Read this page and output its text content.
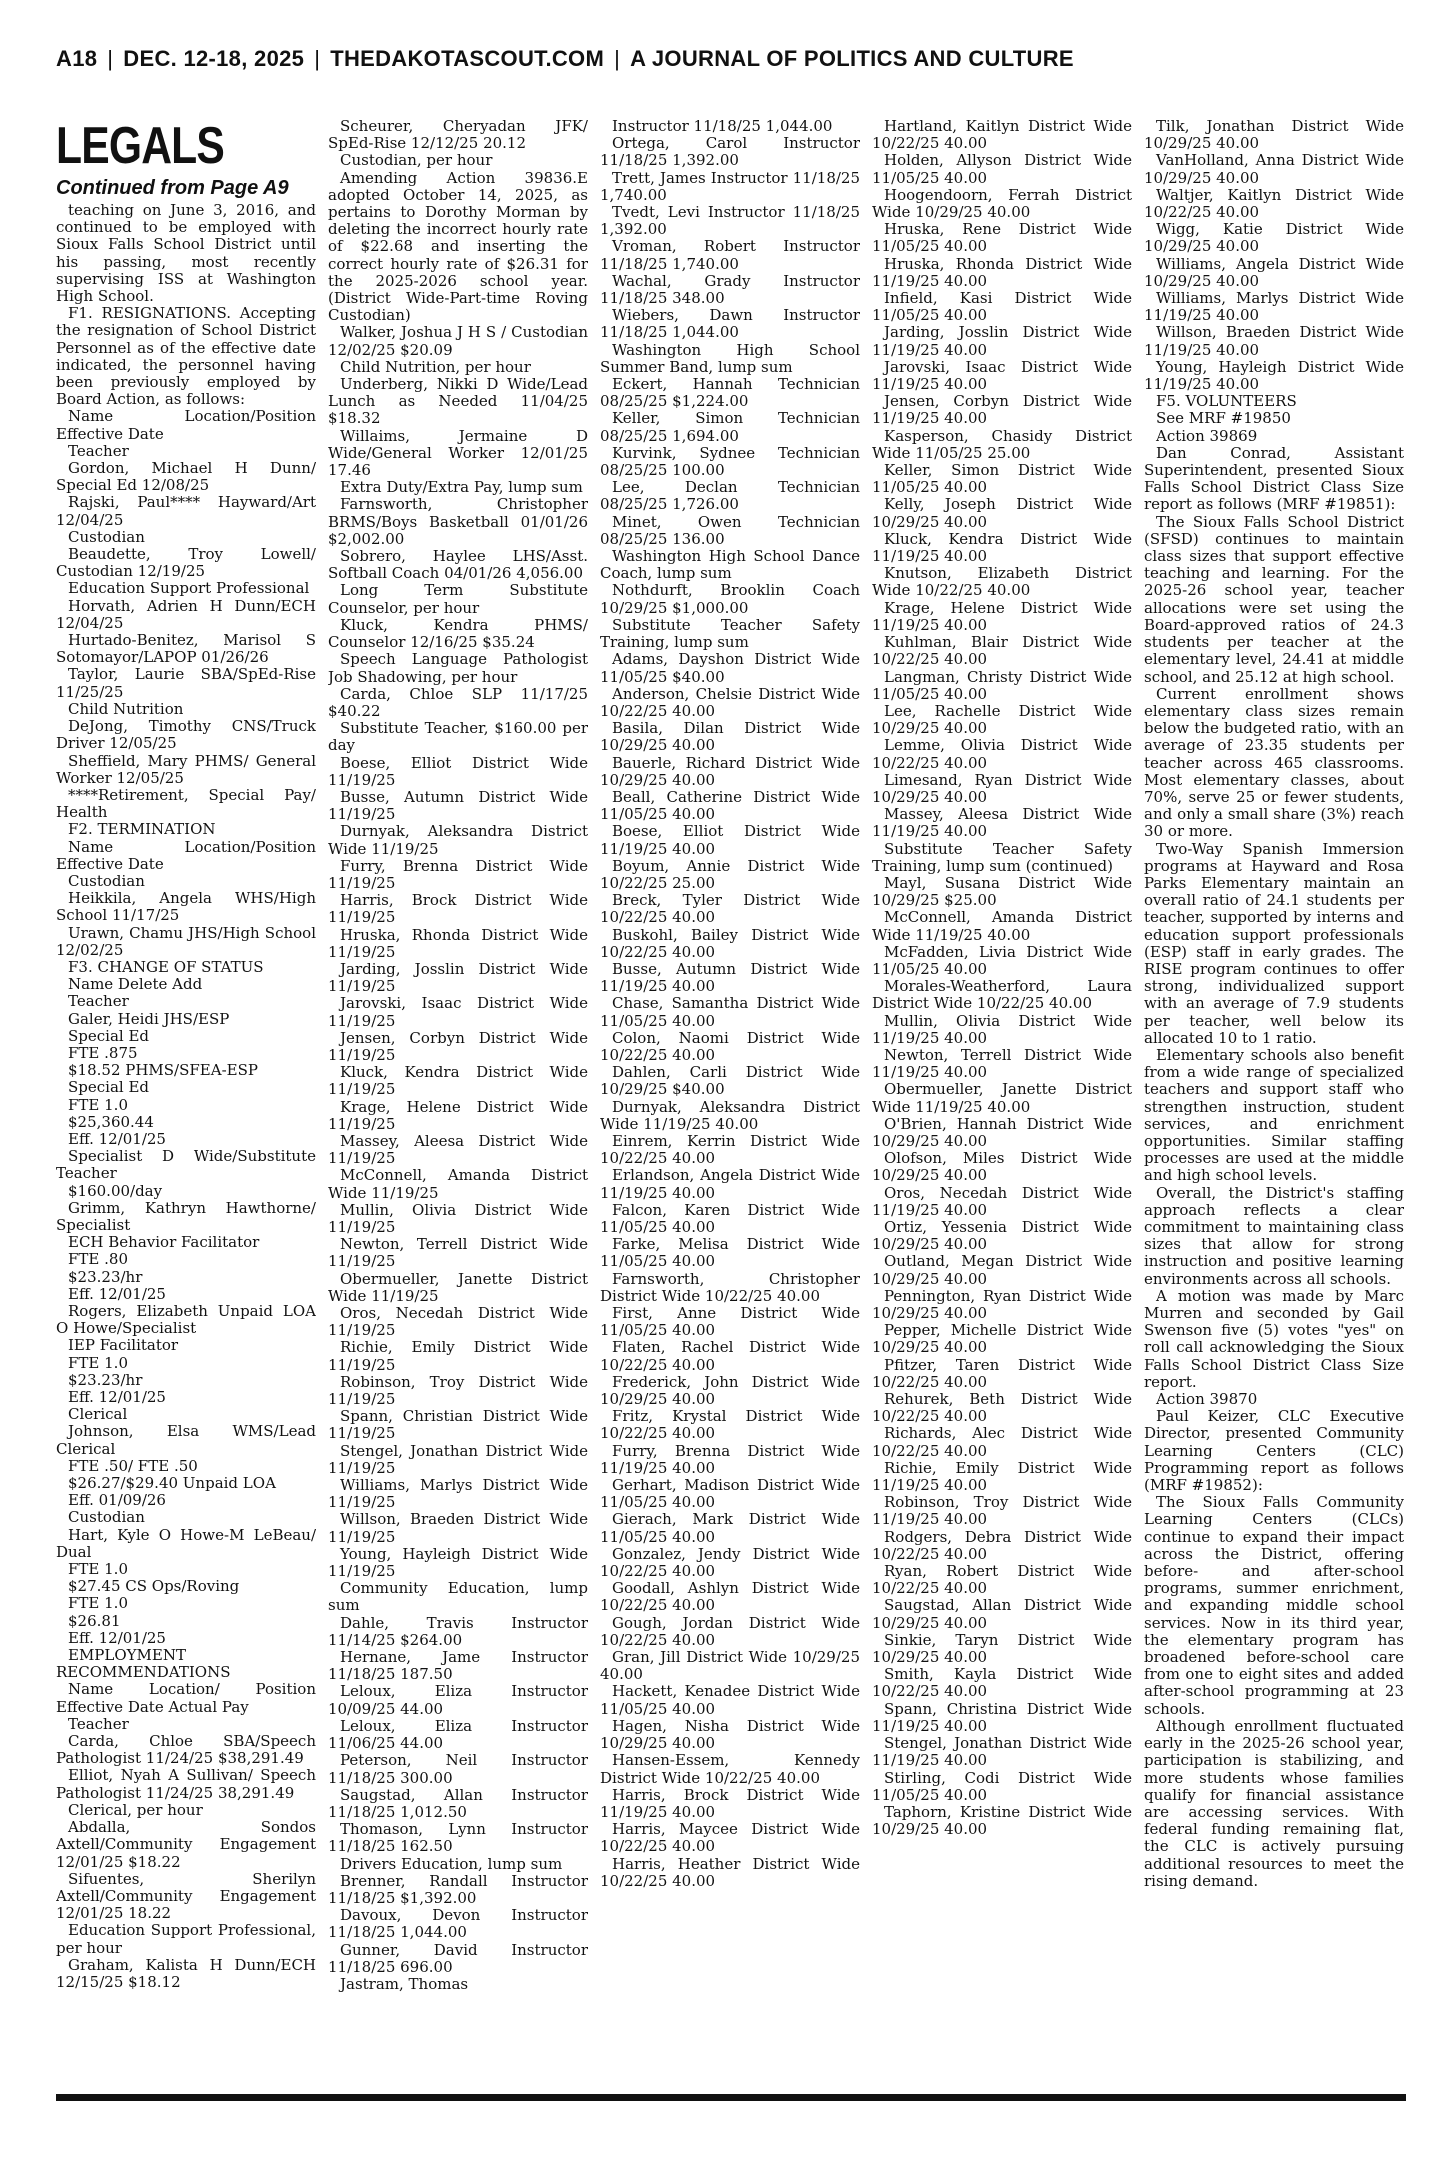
A18 | DEC. 12-18, 2025 | THEDAKOTASCOUT.COM | A JOURNAL OF POLITICS AND CULTURE
LEGALS
Continued from Page A9

teaching on June 3, 2016, and continued to be employed with Sioux Falls School District until his passing, most recently supervising ISS at Washington High School.

F1. RESIGNATIONS. Accepting the resignation of School District Personnel as of the effective date indicated, the personnel having been previously employed by Board Action, as follows:

Name Location/Position Effective Date

Teacher

Gordon, Michael H Dunn/ Special Ed 12/08/25

Rajski, Paul**** Hayward/Art 12/04/25

Custodian

Beaudette, Troy Lowell/ Custodian 12/19/25

Education Support Professional

Horvath, Adrien H Dunn/ECH 12/04/25

Hurtado-Benitez, Marisol S Sotomayor/LAPOP 01/26/26

Taylor, Laurie SBA/SpEd-Rise 11/25/25

Child Nutrition

DeJong, Timothy CNS/Truck Driver 12/05/25

Sheffield, Mary PHMS/ General Worker 12/05/25

****Retirement, Special Pay/ Health

F2. TERMINATION

Name Location/Position Effective Date

Custodian

Heikkila, Angela WHS/High School 11/17/25

Urawn, Chamu JHS/High School 12/02/25

F3. CHANGE OF STATUS

Name Delete Add

Teacher

Galer, Heidi JHS/ESP

Special Ed

FTE .875

$18.52 PHMS/SFEA-ESP

Special Ed

FTE 1.0

$25,360.44

Eff. 12/01/25

Specialist D Wide/Substitute Teacher

$160.00/day

Grimm, Kathryn Hawthorne/ Specialist

ECH Behavior Facilitator

FTE .80

$23.23/hr

Eff. 12/01/25

Rogers, Elizabeth Unpaid LOA O Howe/Specialist

IEP Facilitator

FTE 1.0

$23.23/hr

Eff. 12/01/25

Clerical

Johnson, Elsa WMS/Lead Clerical

FTE .50/ FTE .50

$26.27/$29.40 Unpaid LOA

Eff. 01/09/26

Custodian

Hart, Kyle O Howe-M LeBeau/ Dual

FTE 1.0

$27.45 CS Ops/Roving

FTE 1.0

$26.81

Eff. 12/01/25

EMPLOYMENT RECOMMENDATIONS

Name Location/ Position Effective Date Actual Pay

Teacher

Carda, Chloe SBA/Speech Pathologist 11/24/25 $38,291.49

Elliot, Nyah A Sullivan/ Speech Pathologist 11/24/25 38,291.49

Clerical, per hour

Abdalla, Sondos Axtell/Community Engagement 12/01/25 $18.22

Sifuentes, Sherilyn Axtell/Community Engagement 12/01/25 18.22

Education Support Professional, per hour

Graham, Kalista H Dunn/ECH 12/15/25 $18.12

Scheurer, Cheryadan JFK/ SpEd-Rise 12/12/25 20.12

Custodian, per hour

Amending Action 39836.E adopted October 14, 2025, as pertains to Dorothy Morman by deleting the incorrect hourly rate of $22.68 and inserting the correct hourly rate of $26.31 for the 2025-2026 school year. (District Wide-Part-time Roving Custodian)

Walker, Joshua J H S / Custodian 12/02/25 $20.09

Child Nutrition, per hour

Underberg, Nikki D Wide/Lead Lunch as Needed 11/04/25 $18.32

Willaims, Jermaine D Wide/General Worker 12/01/25 17.46

Extra Duty/Extra Pay, lump sum

Farnsworth, Christopher BRMS/Boys Basketball 01/01/26 $2,002.00

Sobrero, Haylee LHS/Asst. Softball Coach 04/01/26 4,056.00

Long Term Substitute Counselor, per hour

Kluck, Kendra PHMS/ Counselor 12/16/25 $35.24

Speech Language Pathologist Job Shadowing, per hour

Carda, Chloe SLP 11/17/25 $40.22

Substitute Teacher, $160.00 per day

Boese, Elliot District Wide 11/19/25

Busse, Autumn District Wide 11/19/25

Durnyak, Aleksandra District Wide 11/19/25

Furry, Brenna District Wide 11/19/25

Harris, Brock District Wide 11/19/25

Hruska, Rhonda District Wide 11/19/25

Jarding, Josslin District Wide 11/19/25

Jarovski, Isaac District Wide 11/19/25

Jensen, Corbyn District Wide 11/19/25

Kluck, Kendra District Wide 11/19/25

Krage, Helene District Wide 11/19/25

Massey, Aleesa District Wide 11/19/25

McConnell, Amanda District Wide 11/19/25

Mullin, Olivia District Wide 11/19/25

Newton, Terrell District Wide 11/19/25

Obermueller, Janette District Wide 11/19/25

Oros, Necedah District Wide 11/19/25

Richie, Emily District Wide 11/19/25

Robinson, Troy District Wide 11/19/25

Spann, Christian District Wide 11/19/25

Stengel, Jonathan District Wide 11/19/25

Williams, Marlys District Wide 11/19/25

Willson, Braeden District Wide 11/19/25

Young, Hayleigh District Wide 11/19/25

Community Education, lump sum

Dahle, Travis Instructor 11/14/25 $264.00

Hernane, Jame Instructor 11/18/25 187.50

Leloux, Eliza Instructor 10/09/25 44.00

Leloux, Eliza Instructor 11/06/25 44.00

Peterson, Neil Instructor 11/18/25 300.00

Saugstad, Allan Instructor 11/18/25 1,012.50

Thomason, Lynn Instructor 11/18/25 162.50

Drivers Education, lump sum

Brenner, Randall Instructor 11/18/25 $1,392.00

Davoux, Devon Instructor 11/18/25 1,044.00

Gunner, David Instructor 11/18/25 696.00

Jastram, Thomas

Instructor 11/18/25 1,044.00

Ortega, Carol Instructor 11/18/25 1,392.00

Trett, James Instructor 11/18/25 1,740.00

Tvedt, Levi Instructor 11/18/25 1,392.00

Vroman, Robert Instructor 11/18/25 1,740.00

Wachal, Grady Instructor 11/18/25 348.00

Wiebers, Dawn Instructor 11/18/25 1,044.00

Washington High School Summer Band, lump sum

Eckert, Hannah Technician 08/25/25 $1,224.00

Keller, Simon Technician 08/25/25 1,694.00

Kurvink, Sydnee Technician 08/25/25 100.00

Lee, Declan Technician 08/25/25 1,726.00

Minet, Owen Technician 08/25/25 136.00

Washington High School Dance Coach, lump sum

Nothdurft, Brooklin Coach 10/29/25 $1,000.00

Substitute Teacher Safety Training, lump sum

Adams, Dayshon District Wide 11/05/25 $40.00

Anderson, Chelsie District Wide 10/22/25 40.00

Basila, Dilan District Wide 10/29/25 40.00

Bauerle, Richard District Wide 10/29/25 40.00

Beall, Catherine District Wide 11/05/25 40.00

Boese, Elliot District Wide 11/19/25 40.00

Boyum, Annie District Wide 10/22/25 25.00

Breck, Tyler District Wide 10/22/25 40.00

Buskohl, Bailey District Wide 10/22/25 40.00

Busse, Autumn District Wide 11/19/25 40.00

Chase, Samantha District Wide 11/05/25 40.00

Colon, Naomi District Wide 10/22/25 40.00

Dahlen, Carli District Wide 10/29/25 $40.00

Durnyak, Aleksandra District Wide 11/19/25 40.00

Einrem, Kerrin District Wide 10/22/25 40.00

Erlandson, Angela District Wide 11/19/25 40.00

Falcon, Karen District Wide 11/05/25 40.00

Farke, Melisa District Wide 11/05/25 40.00

Farnsworth, Christopher District Wide 10/22/25 40.00

First, Anne District Wide 11/05/25 40.00

Flaten, Rachel District Wide 10/22/25 40.00

Frederick, John District Wide 10/29/25 40.00

Fritz, Krystal District Wide 10/22/25 40.00

Furry, Brenna District Wide 11/19/25 40.00

Gerhart, Madison District Wide 11/05/25 40.00

Gierach, Mark District Wide 11/05/25 40.00

Gonzalez, Jendy District Wide 10/22/25 40.00

Goodall, Ashlyn District Wide 10/22/25 40.00

Gough, Jordan District Wide 10/22/25 40.00

Gran, Jill District Wide 10/29/25 40.00

Hackett, Kenadee District Wide 11/05/25 40.00

Hagen, Nisha District Wide 10/29/25 40.00

Hansen-Essem, Kennedy District Wide 10/22/25 40.00

Harris, Brock District Wide 11/19/25 40.00

Harris, Maycee District Wide 10/22/25 40.00

Harris, Heather District Wide 10/22/25 40.00

Hartland, Kaitlyn District Wide 10/22/25 40.00

Holden, Allyson District Wide 11/05/25 40.00

Hoogendoorn, Ferrah District Wide 10/29/25 40.00

Hruska, Rene District Wide 11/05/25 40.00

Hruska, Rhonda District Wide 11/19/25 40.00

Infield, Kasi District Wide 11/05/25 40.00

Jarding, Josslin District Wide 11/19/25 40.00

Jarovski, Isaac District Wide 11/19/25 40.00

Jensen, Corbyn District Wide 11/19/25 40.00

Kasperson, Chasidy District Wide 11/05/25 25.00

Keller, Simon District Wide 11/05/25 40.00

Kelly, Joseph District Wide 10/29/25 40.00

Kluck, Kendra District Wide 11/19/25 40.00

Knutson, Elizabeth District Wide 10/22/25 40.00

Krage, Helene District Wide 11/19/25 40.00

Kuhlman, Blair District Wide 10/22/25 40.00

Langman, Christy District Wide 11/05/25 40.00

Lee, Rachelle District Wide 10/29/25 40.00

Lemme, Olivia District Wide 10/22/25 40.00

Limesand, Ryan District Wide 10/29/25 40.00

Massey, Aleesa District Wide 11/19/25 40.00

Substitute Teacher Safety Training, lump sum (continued)

Mayl, Susana District Wide 10/29/25 $25.00

McConnell, Amanda District Wide 11/19/25 40.00

McFadden, Livia District Wide 11/05/25 40.00

Morales-Weatherford, Laura District Wide 10/22/25 40.00

Mullin, Olivia District Wide 11/19/25 40.00

Newton, Terrell District Wide 11/19/25 40.00

Obermueller, Janette District Wide 11/19/25 40.00

O'Brien, Hannah District Wide 10/29/25 40.00

Olofson, Miles District Wide 10/29/25 40.00

Oros, Necedah District Wide 11/19/25 40.00

Ortiz, Yessenia District Wide 10/29/25 40.00

Outland, Megan District Wide 10/29/25 40.00

Pennington, Ryan District Wide 10/29/25 40.00

Pepper, Michelle District Wide 10/29/25 40.00

Pfitzer, Taren District Wide 10/22/25 40.00

Rehurek, Beth District Wide 10/22/25 40.00

Richards, Alec District Wide 10/22/25 40.00

Richie, Emily District Wide 11/19/25 40.00

Robinson, Troy District Wide 11/19/25 40.00

Rodgers, Debra District Wide 10/22/25 40.00

Ryan, Robert District Wide 10/22/25 40.00

Saugstad, Allan District Wide 10/29/25 40.00

Sinkie, Taryn District Wide 10/29/25 40.00

Smith, Kayla District Wide 10/22/25 40.00

Spann, Christina District Wide 11/19/25 40.00

Stengel, Jonathan District Wide 11/19/25 40.00

Stirling, Codi District Wide 11/05/25 40.00

Taphorn, Kristine District Wide 10/29/25 40.00

Tilk, Jonathan District Wide 10/29/25 40.00

VanHolland, Anna District Wide 10/29/25 40.00

Waltjer, Kaitlyn District Wide 10/22/25 40.00

Wigg, Katie District Wide 10/29/25 40.00

Williams, Angela District Wide 10/29/25 40.00

Williams, Marlys District Wide 11/19/25 40.00

Willson, Braeden District Wide 11/19/25 40.00

Young, Hayleigh District Wide 11/19/25 40.00

F5. VOLUNTEERS

See MRF #19850

Action 39869

Dan Conrad, Assistant Superintendent, presented Sioux Falls School District Class Size report as follows (MRF #19851):

The Sioux Falls School District (SFSD) continues to maintain class sizes that support effective teaching and learning. For the 2025-26 school year, teacher allocations were set using the Board-approved ratios of 24.3 students per teacher at the elementary level, 24.41 at middle school, and 25.12 at high school.

Current enrollment shows elementary class sizes remain below the budgeted ratio, with an average of 23.35 students per teacher across 465 classrooms. Most elementary classes, about 70%, serve 25 or fewer students, and only a small share (3%) reach 30 or more.

Two-Way Spanish Immersion programs at Hayward and Rosa Parks Elementary maintain an overall ratio of 24.1 students per teacher, supported by interns and education support professionals (ESP) staff in early grades. The RISE program continues to offer strong, individualized support with an average of 7.9 students per teacher, well below its allocated 10 to 1 ratio.

Elementary schools also benefit from a wide range of specialized teachers and support staff who strengthen instruction, student services, and enrichment opportunities. Similar staffing processes are used at the middle and high school levels.

Overall, the District's staffing approach reflects a clear commitment to maintaining class sizes that allow for strong instruction and positive learning environments across all schools.

A motion was made by Marc Murren and seconded by Gail Swenson five (5) votes "yes" on roll call acknowledging the Sioux Falls School District Class Size report.

Action 39870

Paul Keizer, CLC Executive Director, presented Community Learning Centers (CLC) Programming report as follows (MRF #19852):

The Sioux Falls Community Learning Centers (CLCs) continue to expand their impact across the District, offering before- and after-school programs, summer enrichment, and expanding middle school services. Now in its third year, the elementary program has broadened before-school care from one to eight sites and added after-school programming at 23 schools.

Although enrollment fluctuated early in the 2025-26 school year, participation is stabilizing, and more students whose families qualify for financial assistance are accessing services. With federal funding remaining flat, the CLC is actively pursuing additional resources to meet the rising demand.
